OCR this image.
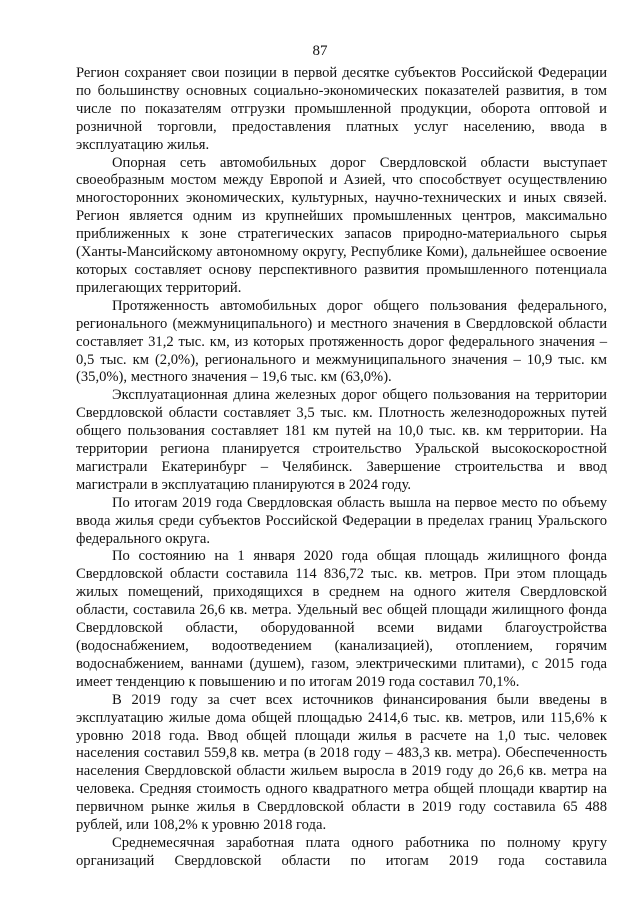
87

Регион сохраняет свои позиции в первой десятке субъектов Российской Федерации по большинству основных социально-экономических показателей развития, в том числе по показателям отгрузки промышленной продукции, оборота оптовой и розничной торговли, предоставления платных услуг населению, ввода в эксплуатацию жилья.

Опорная сеть автомобильных дорог Свердловской области выступает своеобразным мостом между Европой и Азией, что способствует осуществлению многосторонних экономических, культурных, научно-технических и иных связей. Регион является одним из крупнейших промышленных центров, максимально приближенных к зоне стратегических запасов природно-материального сырья (Ханты-Мансийскому автономному округу, Республике Коми), дальнейшее освоение которых составляет основу перспективного развития промышленного потенциала прилегающих территорий.

Протяженность автомобильных дорог общего пользования федерального, регионального (межмуниципального) и местного значения в Свердловской области составляет 31,2 тыс. км, из которых протяженность дорог федерального значения – 0,5 тыс. км (2,0%), регионального и межмуниципального значения – 10,9 тыс. км (35,0%), местного значения – 19,6 тыс. км (63,0%).

Эксплуатационная длина железных дорог общего пользования на территории Свердловской области составляет 3,5 тыс. км. Плотность железнодорожных путей общего пользования составляет 181 км путей на 10,0 тыс. кв. км территории. На территории региона планируется строительство Уральской высокоскоростной магистрали Екатеринбург – Челябинск. Завершение строительства и ввод магистрали в эксплуатацию планируются в 2024 году.

По итогам 2019 года Свердловская область вышла на первое место по объему ввода жилья среди субъектов Российской Федерации в пределах границ Уральского федерального округа.

По состоянию на 1 января 2020 года общая площадь жилищного фонда Свердловской области составила 114 836,72 тыс. кв. метров. При этом площадь жилых помещений, приходящихся в среднем на одного жителя Свердловской области, составила 26,6 кв. метра. Удельный вес общей площади жилищного фонда Свердловской области, оборудованной всеми видами благоустройства (водоснабжением, водоотведением (канализацией), отоплением, горячим водоснабжением, ваннами (душем), газом, электрическими плитами), с 2015 года имеет тенденцию к повышению и по итогам 2019 года составил 70,1%.

В 2019 году за счет всех источников финансирования были введены в эксплуатацию жилые дома общей площадью 2414,6 тыс. кв. метров, или 115,6% к уровню 2018 года. Ввод общей площади жилья в расчете на 1,0 тыс. человек населения составил 559,8 кв. метра (в 2018 году – 483,3 кв. метра). Обеспеченность населения Свердловской области жильем выросла в 2019 году до 26,6 кв. метра на человека. Средняя стоимость одного квадратного метра общей площади квартир на первичном рынке жилья в Свердловской области в 2019 году составила 65 488 рублей, или 108,2% к уровню 2018 года.

Среднемесячная заработная плата одного работника по полному кругу организаций Свердловской области по итогам 2019 года составила
